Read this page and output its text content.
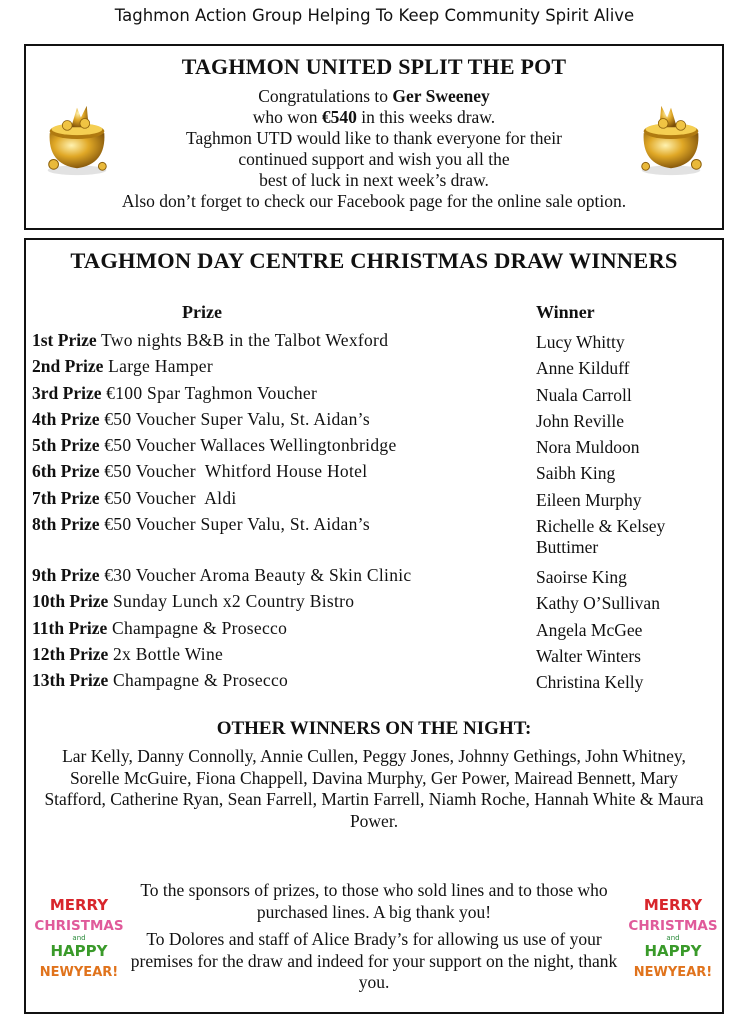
Taghmon Action Group Helping To Keep Community Spirit Alive
TAGHMON UNITED SPLIT THE POT
Congratulations to Ger Sweeney
who won €540 in this weeks draw.
Taghmon UTD would like to thank everyone for their
continued support and wish you all the
best of luck in next week’s draw.
Also don’t forget to check our Facebook page for the online sale option.
TAGHMON DAY CENTRE CHRISTMAS DRAW WINNERS
Prize	Winner
1st Prize Two nights B&B in the Talbot Wexford	Lucy Whitty
2nd Prize Large Hamper	Anne Kilduff
3rd Prize €100 Spar Taghmon Voucher	Nuala Carroll
4th Prize €50 Voucher Super Valu, St. Aidan’s	John Reville
5th Prize €50 Voucher Wallaces Wellingtonbridge	Nora Muldoon
6th Prize €50 Voucher  Whitford House Hotel	Saibh King
7th Prize €50 Voucher  Aldi	Eileen Murphy
8th Prize €50 Voucher Super Valu, St. Aidan’s	Richelle & Kelsey Buttimer
9th Prize €30 Voucher Aroma Beauty & Skin Clinic	Saoirse King
10th Prize Sunday Lunch x2 Country Bistro	Kathy O’Sullivan
11th Prize Champagne & Prosecco	Angela McGee
12th Prize 2x Bottle Wine	Walter Winters
13th Prize Champagne & Prosecco	Christina Kelly
OTHER WINNERS ON THE NIGHT:
Lar Kelly, Danny Connolly, Annie Cullen, Peggy Jones, Johnny Gethings, John Whitney, Sorelle McGuire, Fiona Chappell, Davina Murphy, Ger Power, Mairead Bennett, Mary Stafford, Catherine Ryan, Sean Farrell, Martin Farrell, Niamh Roche, Hannah White & Maura Power.

To the sponsors of prizes, to those who sold lines and to those who purchased lines. A big thank you!

To Dolores and staff of Alice Brady’s for allowing us use of your premises for the draw and indeed for your support on the night, thank you.

MERRY
CHRISTMAS
and
HAPPY
NEWYEAR!
MERRY
CHRISTMAS
and
HAPPY
NEWYEAR!
